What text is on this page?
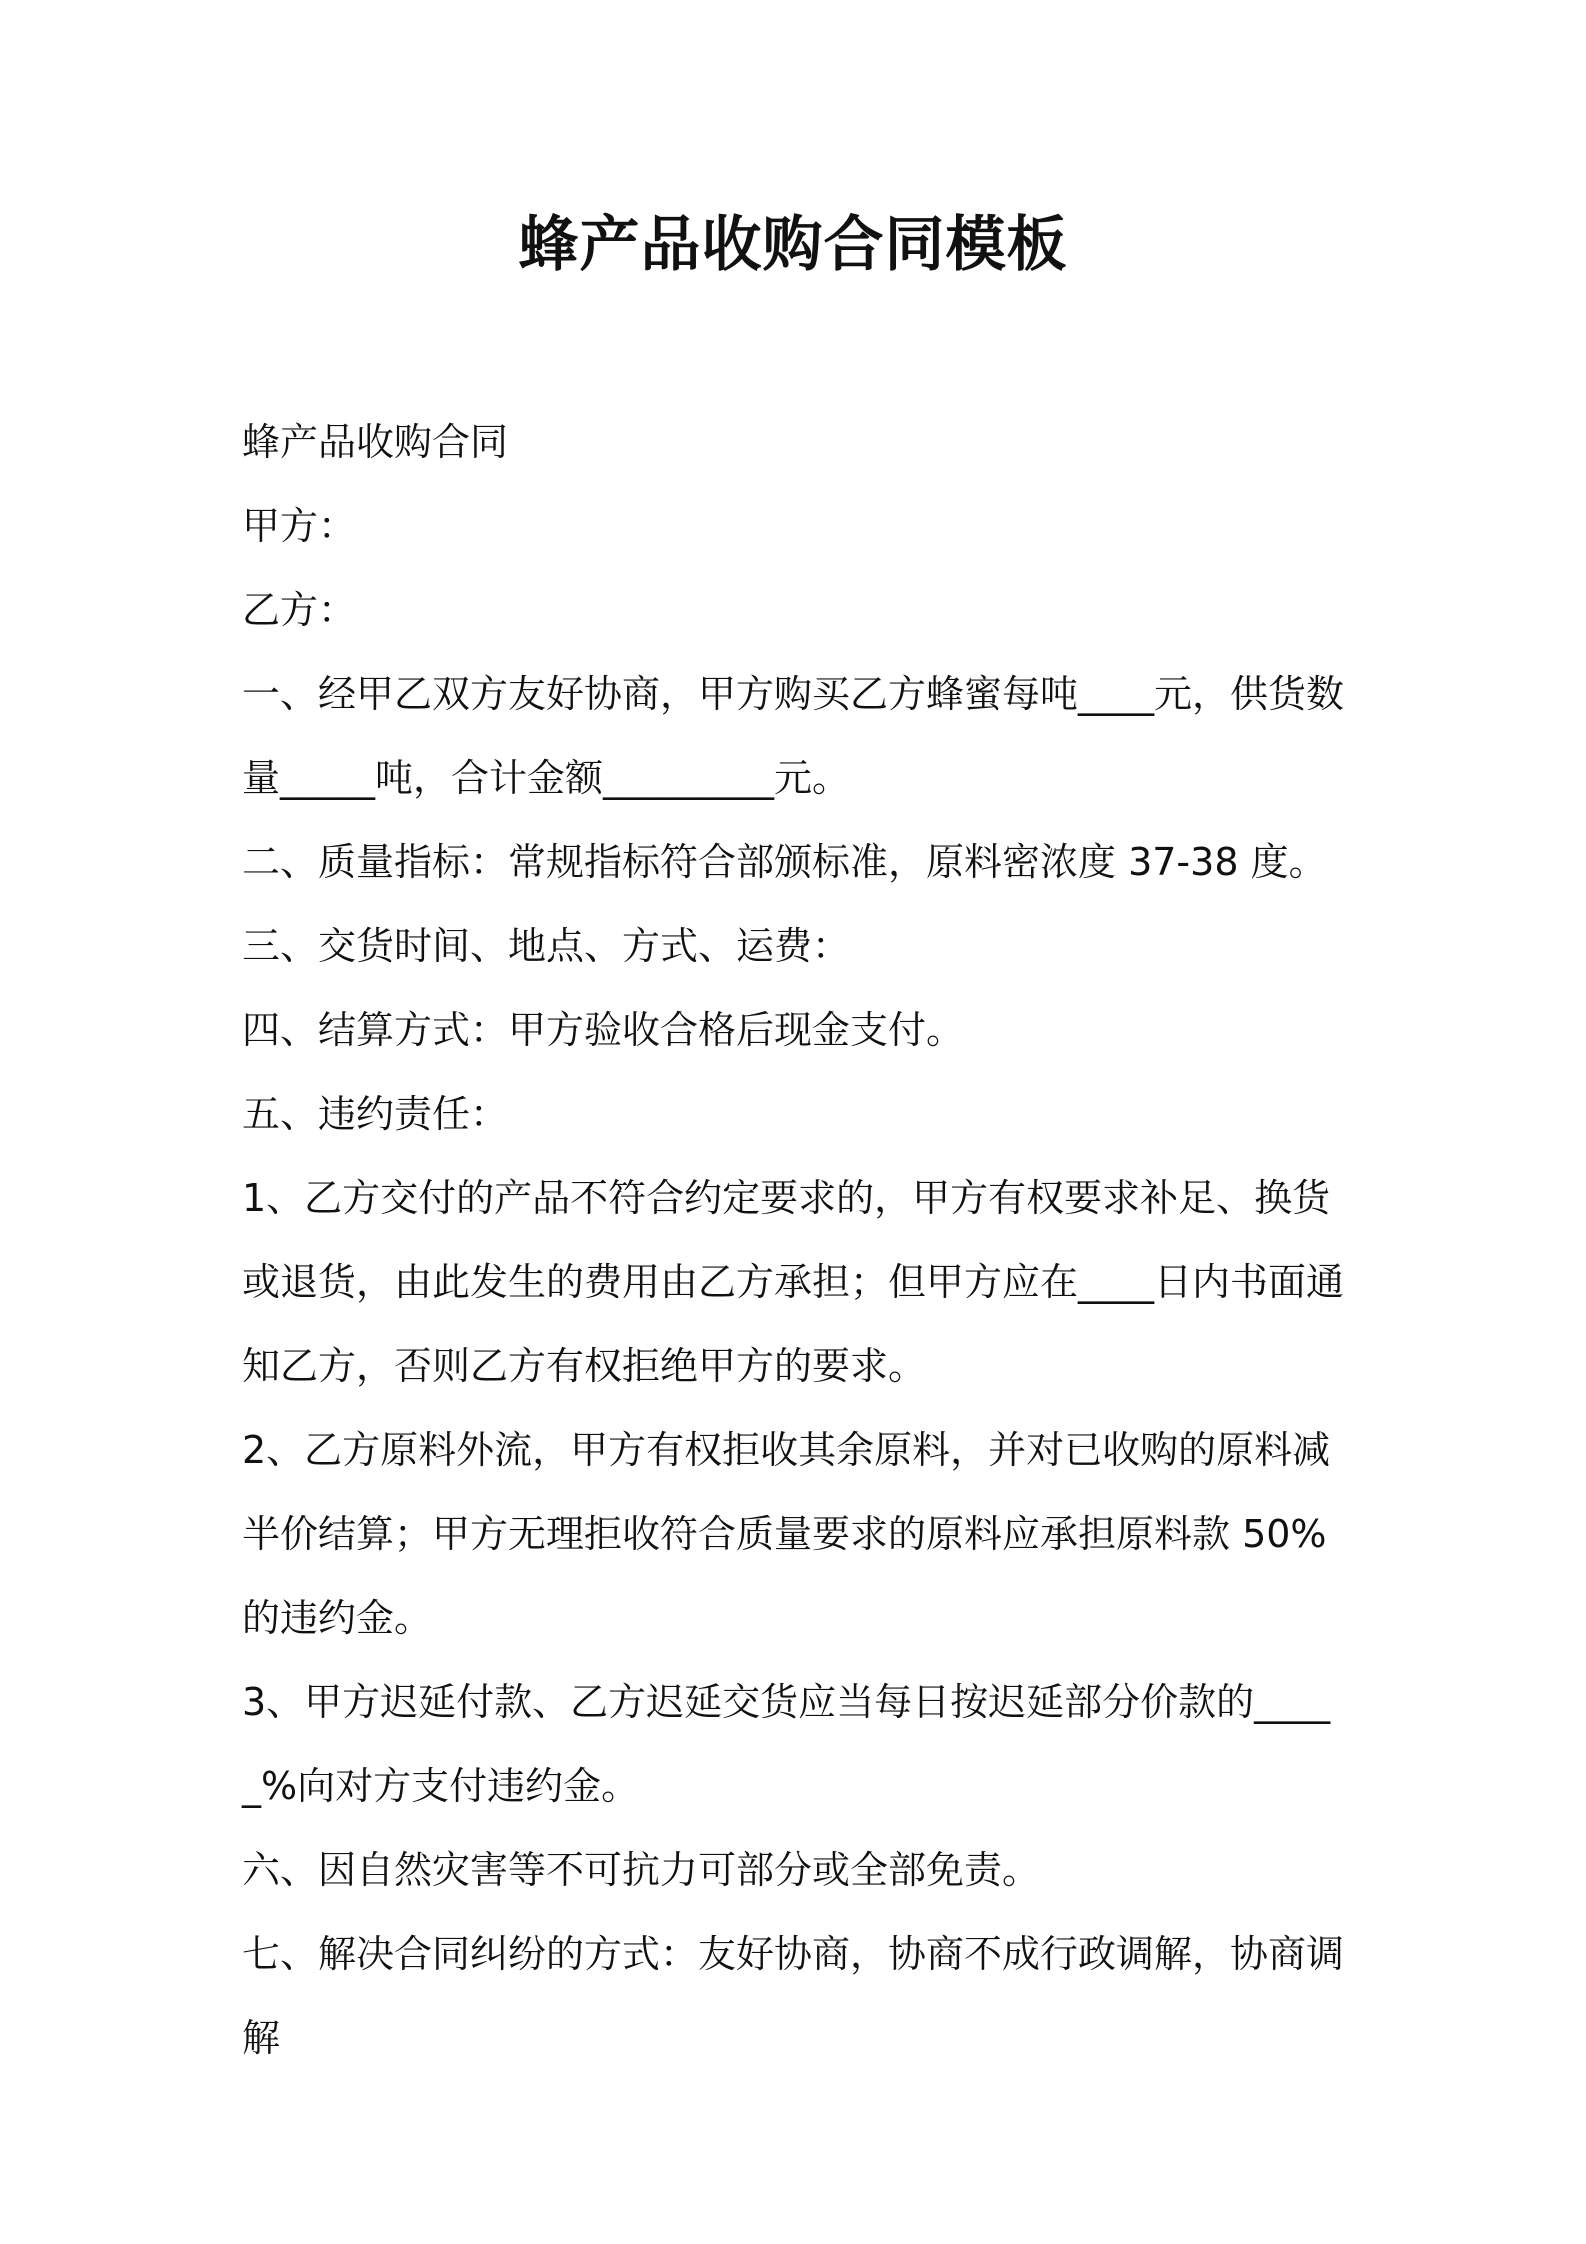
蜂产品收购合同模板

蜂产品收购合同

甲方：

乙方：

一、经甲乙双方友好协商，甲方购买乙方蜂蜜每吨____元，供货数量_____吨，合计金额_________元。

二、质量指标：常规指标符合部颁标准，原料密浓度 37-38 度。

三、交货时间、地点、方式、运费：

四、结算方式：甲方验收合格后现金支付。

五、违约责任：

1、乙方交付的产品不符合约定要求的，甲方有权要求补足、换货或退货，由此发生的费用由乙方承担；但甲方应在____日内书面通知乙方，否则乙方有权拒绝甲方的要求。

2、乙方原料外流，甲方有权拒收其余原料，并对已收购的原料减半价结算；甲方无理拒收符合质量要求的原料应承担原料款 50%的违约金。

3、甲方迟延付款、乙方迟延交货应当每日按迟延部分价款的_____%向对方支付违约金。

六、因自然灾害等不可抗力可部分或全部免责。

七、解决合同纠纷的方式：友好协商，协商不成行政调解，协商调解
